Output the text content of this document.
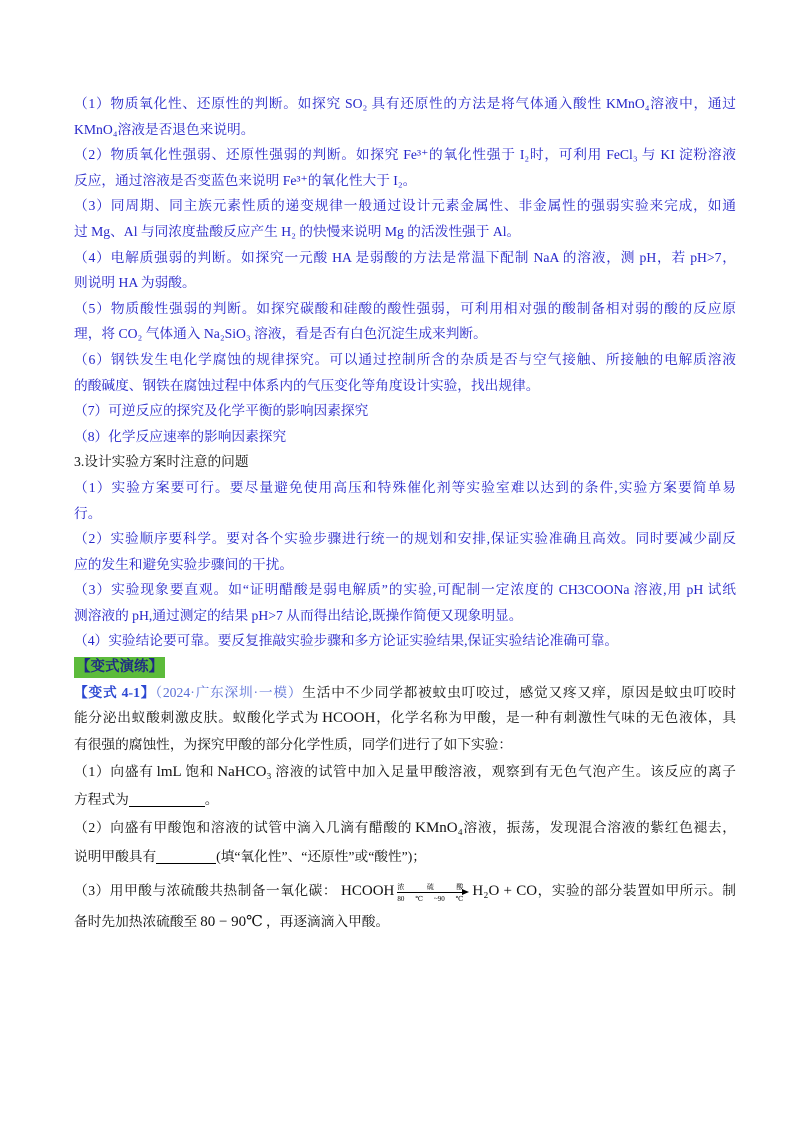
（1）物质氧化性、还原性的判断。如探究 SO₂ 具有还原性的方法是将气体通入酸性 KMnO₄溶液中，通过
KMnO₄溶液是否退色来说明。
（2）物质氧化性强弱、还原性强弱的判断。如探究 Fe³⁺的氧化性强于 I₂时，可利用 FeCl₃ 与 KI 淀粉溶液
反应，通过溶液是否变蓝色来说明 Fe³⁺的氧化性大于 I₂。
（3）同周期、同主族元素性质的递变规律一般通过设计元素金属性、非金属性的强弱实验来完成，如通
过 Mg、Al 与同浓度盐酸反应产生 H₂ 的快慢来说明 Mg 的活泼性强于 Al。
（4）电解质强弱的判断。如探究一元酸 HA 是弱酸的方法是常温下配制 NaA 的溶液，测 pH，若 pH>7，
则说明 HA 为弱酸。
（5）物质酸性强弱的判断。如探究碳酸和硅酸的酸性强弱，可利用相对强的酸制备相对弱的酸的反应原
理，将 CO₂ 气体通入 Na₂SiO₃ 溶液，看是否有白色沉淀生成来判断。
（6）钢铁发生电化学腐蚀的规律探究。可以通过控制所含的杂质是否与空气接触、所接触的电解质溶液
的酸碱度、钢铁在腐蚀过程中体系内的气压变化等角度设计实验，找出规律。
（7）可逆反应的探究及化学平衡的影响因素探究
（8）化学反应速率的影响因素探究
3.设计实验方案时注意的问题
（1）实验方案要可行。要尽量避免使用高压和特殊催化剂等实验室难以达到的条件,实验方案要简单易
行。
（2）实验顺序要科学。要对各个实验步骤进行统一的规划和安排,保证实验准确且高效。同时要减少副反
应的发生和避免实验步骤间的干扰。
（3）实验现象要直观。如“证明醋酸是弱电解质”的实验,可配制一定浓度的 CH3COONa 溶液,用 pH 试纸
测溶液的 pH,通过测定的结果 pH>7 从而得出结论,既操作简便又现象明显。
（4）实验结论要可靠。要反复推敲实验步骤和多方论证实验结果,保证实验结论准确可靠。
【变式演练】
【变式 4-1】（2024·广东深圳·一模）生活中不少同学都被蚊虫叮咬过，感觉又疼又痒，原因是蚊虫叮咬时
能分泌出蚁酸刺激皮肤。蚁酸化学式为 HCOOH，化学名称为甲酸，是一种有刺激性气味的无色液体，具
有很强的腐蚀性，为探究甲酸的部分化学性质，同学们进行了如下实验：
（1）向盛有 lmL 饱和 NaHCO₃ 溶液的试管中加入足量甲酸溶液，观察到有无色气泡产生。该反应的离子
方程式为	。
（2）向盛有甲酸饱和溶液的试管中滴入几滴有醋酸的 KMnO₄溶液，振荡，发现混合溶液的紫红色褪去，
说明甲酸具有	(填“氧化性”、“还原性”或“酸性”)；
（3）用甲酸与浓硫酸共热制备一氧化碳： HCOOH 浓硫酸
80℃~90℃ H₂O + CO，实验的部分装置如甲所示。制
备时先加热浓硫酸至 80 − 90℃ ，再逐滴滴入甲酸。
